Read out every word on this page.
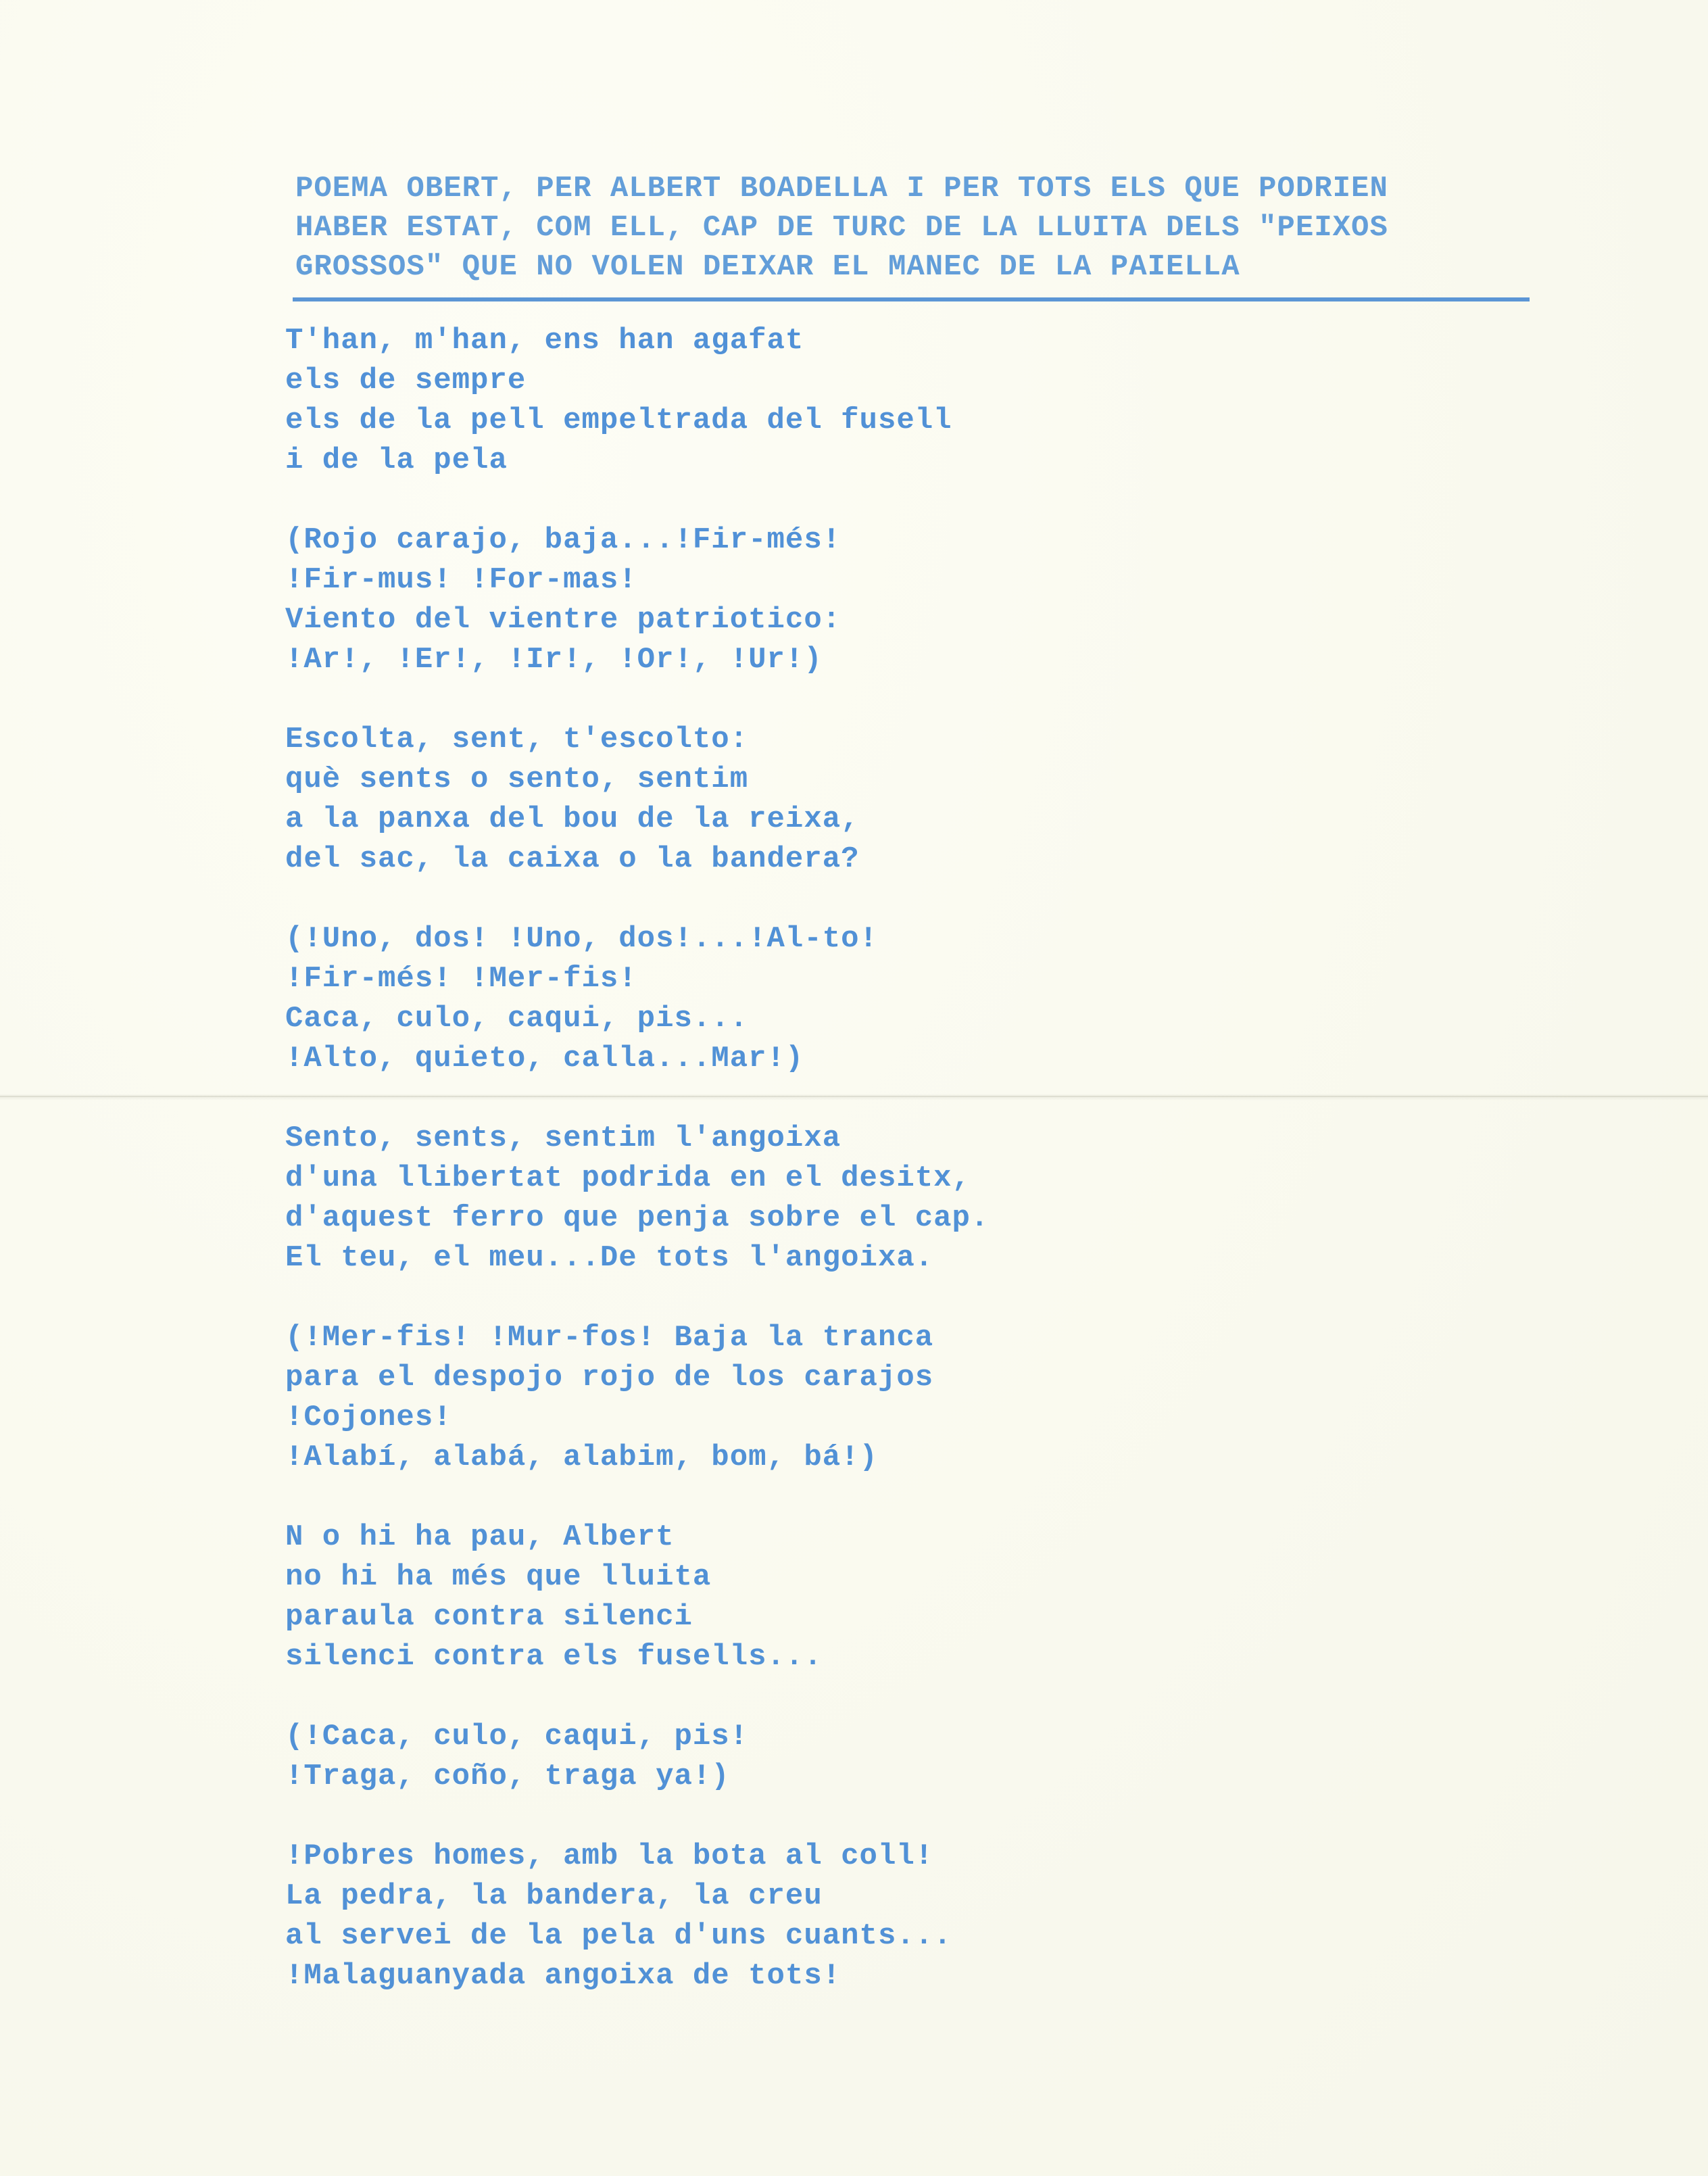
POEMA OBERT, PER ALBERT BOADELLA I PER TOTS ELS QUE PODRIEN
HABER ESTAT, COM ELL, CAP DE TURC DE LA LLUITA DELS "PEIXOS
GROSSOS" QUE NO VOLEN DEIXAR EL MANEC DE LA PAIELLA
T'han, m'han, ens han agafat
els de sempre
els de la pell empeltrada del fusell
i de la pela
(Rojo carajo, baja...!Fir-més!
!Fir-mus! !For-mas!
Viento del vientre patriotico:
!Ar!, !Er!, !Ir!, !Or!, !Ur!)
Escolta, sent, t'escolto:
què sents o sento, sentim
a la panxa del bou de la reixa,
del sac, la caixa o la bandera?
(!Uno, dos! !Uno, dos!...!Al-to!
!Fir-més! !Mer-fis!
Caca, culo, caqui, pis...
!Alto, quieto, calla...Mar!)
Sento, sents, sentim l'angoixa
d'una llibertat podrida en el desitx,
d'aquest ferro que penja sobre el cap.
El teu, el meu...De tots l'angoixa.
(!Mer-fis! !Mur-fos! Baja la tranca
para el despojo rojo de los carajos
!Cojones!
!Alabí, alabá, alabim, bom, bá!)
N o hi ha pau, Albert
no hi ha més que lluita
paraula contra silenci
silenci contra els fusells...
(!Caca, culo, caqui, pis!
!Traga, coño, traga ya!)
!Pobres homes, amb la bota al coll!
La pedra, la bandera, la creu
al servei de la pela d'uns cuants...
!Malaguanyada angoixa de tots!
